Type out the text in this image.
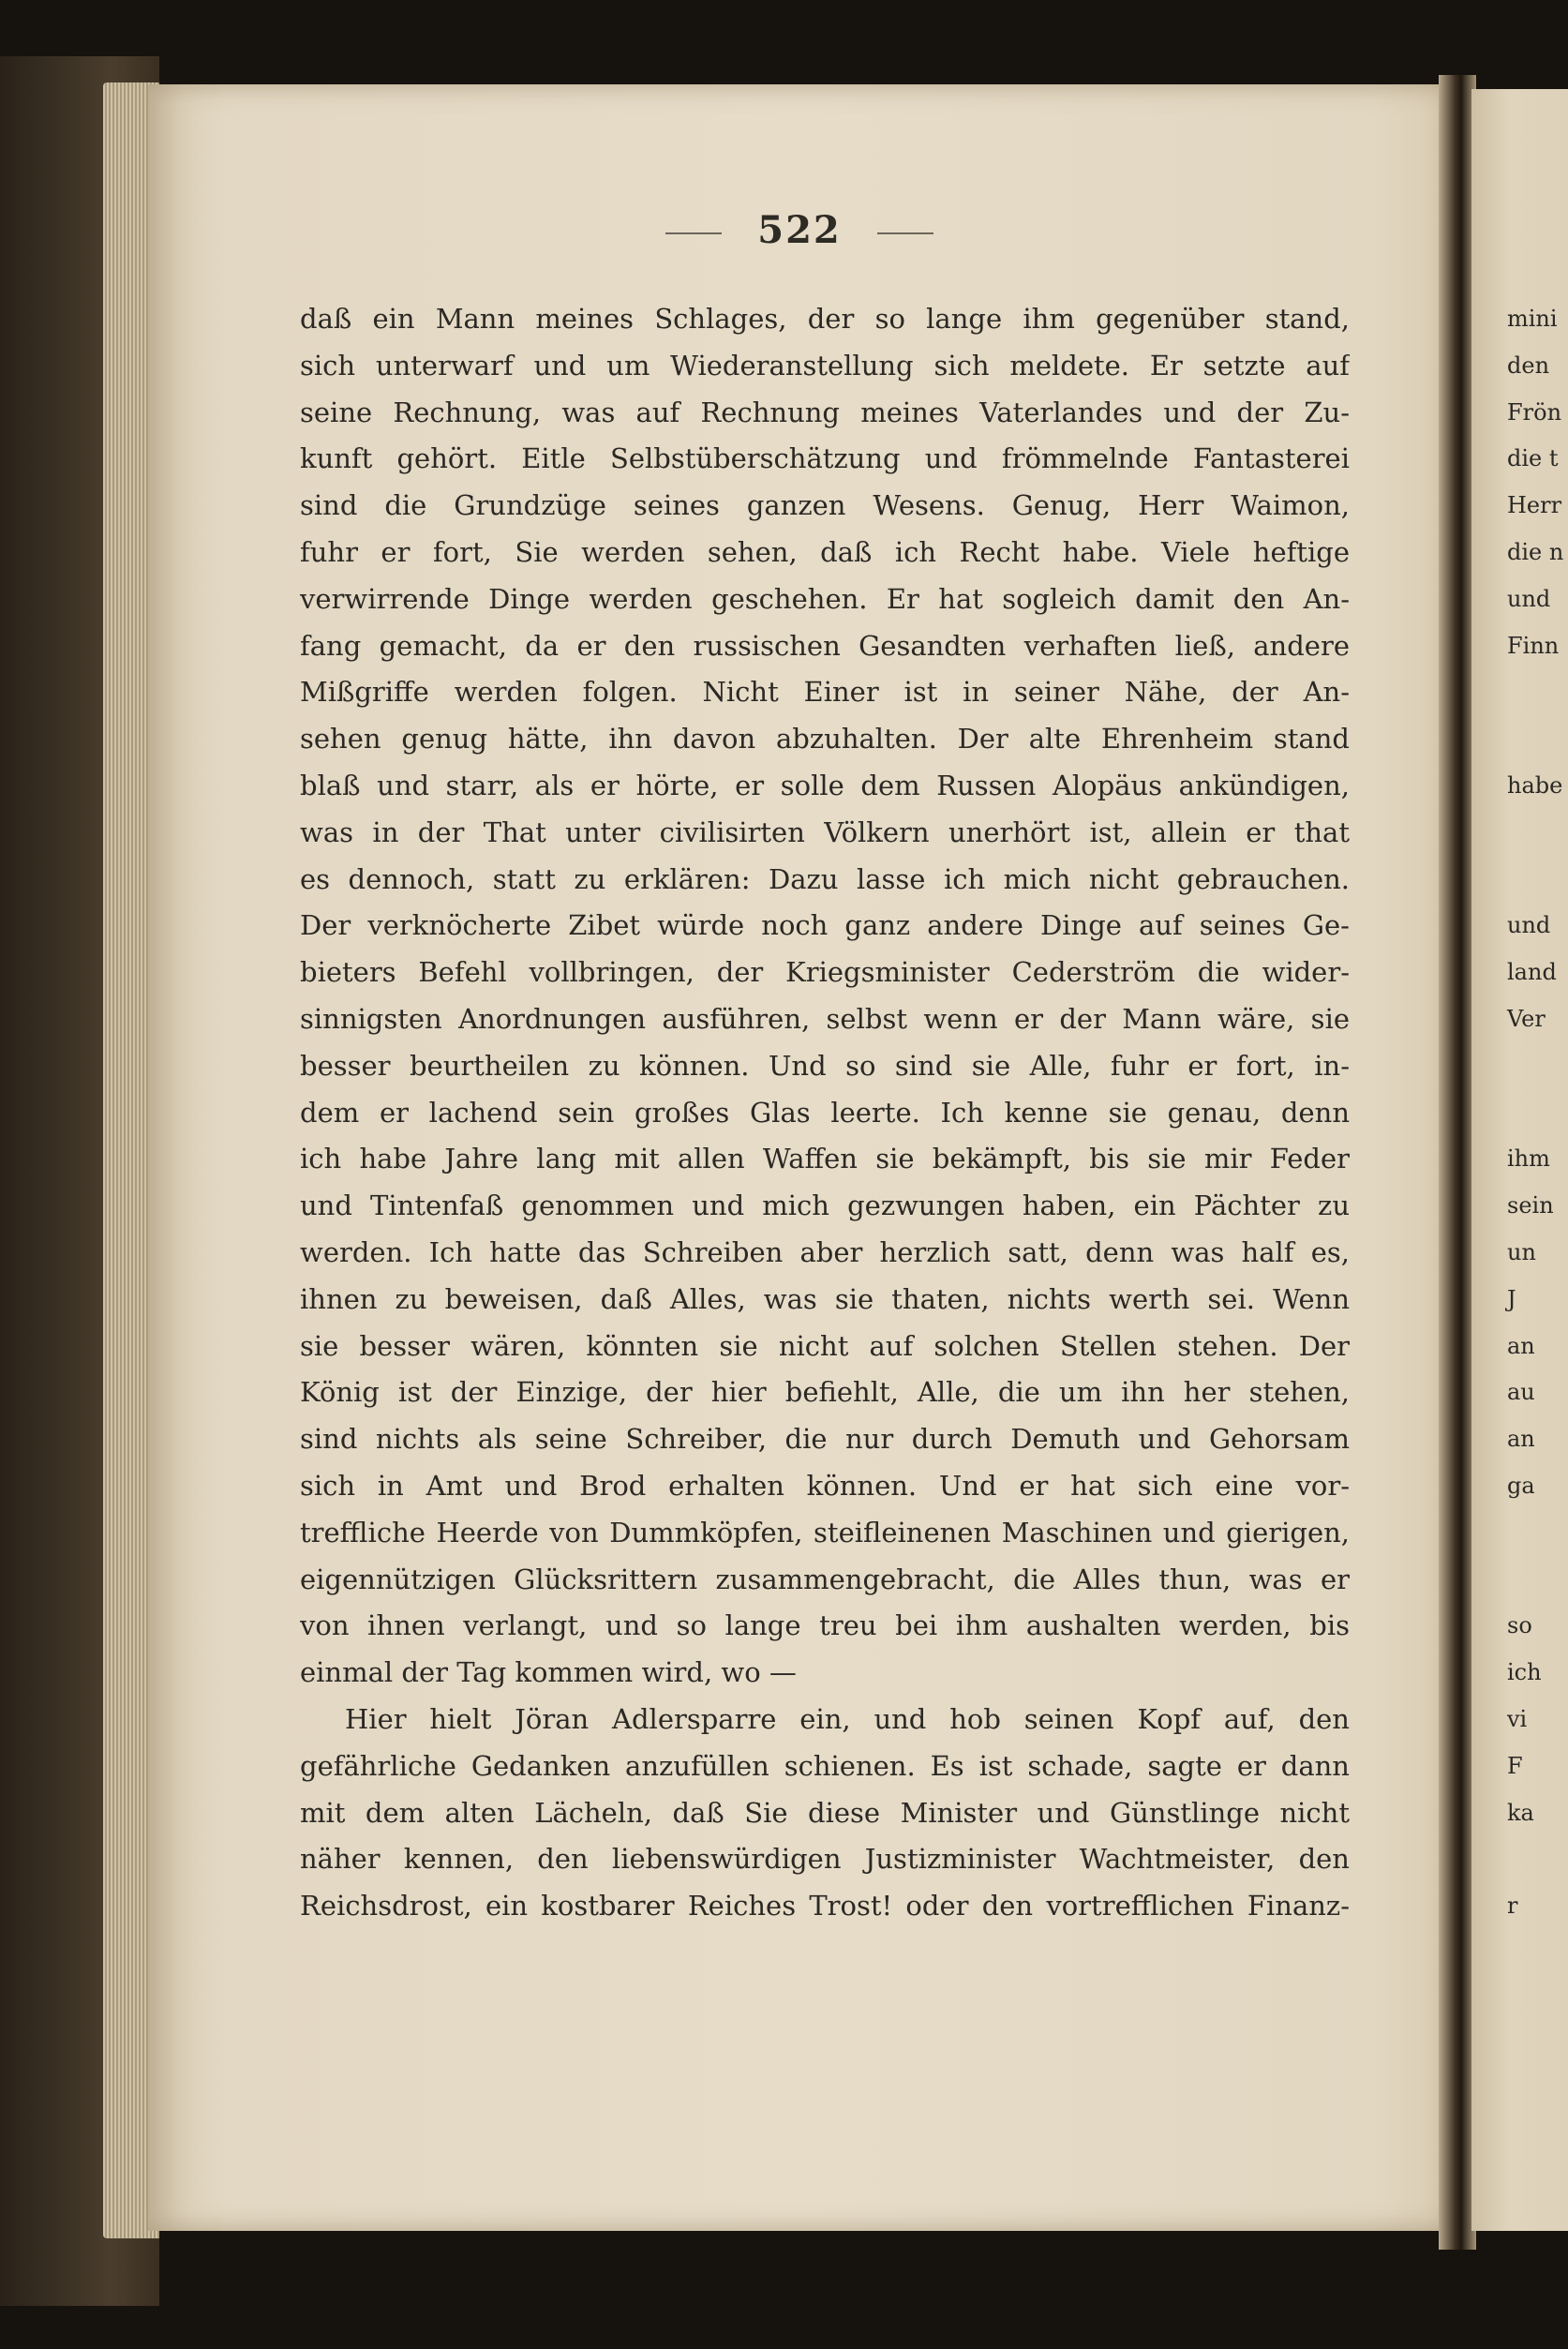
522
daß ein Mann meines Schlages, der so lange ihm gegenüber stand,
sich unterwarf und um Wiederanstellung sich meldete. Er setzte auf
seine Rechnung, was auf Rechnung meines Vaterlandes und der Zu-
kunft gehört. Eitle Selbstüberschätzung und frömmelnde Fantasterei
sind die Grundzüge seines ganzen Wesens. Genug, Herr Waimon,
fuhr er fort, Sie werden sehen, daß ich Recht habe. Viele heftige
verwirrende Dinge werden geschehen. Er hat sogleich damit den An-
fang gemacht, da er den russischen Gesandten verhaften ließ, andere
Mißgriffe werden folgen. Nicht Einer ist in seiner Nähe, der An-
sehen genug hätte, ihn davon abzuhalten. Der alte Ehrenheim stand
blaß und starr, als er hörte, er solle dem Russen Alopäus ankündigen,
was in der That unter civilisirten Völkern unerhört ist, allein er that
es dennoch, statt zu erklären: Dazu lasse ich mich nicht gebrauchen.
Der verknöcherte Zibet würde noch ganz andere Dinge auf seines Ge-
bieters Befehl vollbringen, der Kriegsminister Cederström die wider-
sinnigsten Anordnungen ausführen, selbst wenn er der Mann wäre, sie
besser beurtheilen zu können. Und so sind sie Alle, fuhr er fort, in-
dem er lachend sein großes Glas leerte. Ich kenne sie genau, denn
ich habe Jahre lang mit allen Waffen sie bekämpft, bis sie mir Feder
und Tintenfaß genommen und mich gezwungen haben, ein Pächter zu
werden. Ich hatte das Schreiben aber herzlich satt, denn was half es,
ihnen zu beweisen, daß Alles, was sie thaten, nichts werth sei. Wenn
sie besser wären, könnten sie nicht auf solchen Stellen stehen. Der
König ist der Einzige, der hier befiehlt, Alle, die um ihn her stehen,
sind nichts als seine Schreiber, die nur durch Demuth und Gehorsam
sich in Amt und Brod erhalten können. Und er hat sich eine vor-
treffliche Heerde von Dummköpfen, steifleinenen Maschinen und gierigen,
eigennützigen Glücksrittern zusammengebracht, die Alles thun, was er
von ihnen verlangt, und so lange treu bei ihm aushalten werden, bis
einmal der Tag kommen wird, wo —
Hier hielt Jöran Adlersparre ein, und hob seinen Kopf auf, den
gefährliche Gedanken anzufüllen schienen. Es ist schade, sagte er dann
mit dem alten Lächeln, daß Sie diese Minister und Günstlinge nicht
näher kennen, den liebenswürdigen Justizminister Wachtmeister, den
Reichsdrost, ein kostbarer Reiches Trost! oder den vortrefflichen Finanz-
mini
den
Frön
die t
Herr
die n
und
Finn
habe
und
land
Ver
ihm
sein
un
J
an
au
an
ga
so
ich
vi
F
ka
r
